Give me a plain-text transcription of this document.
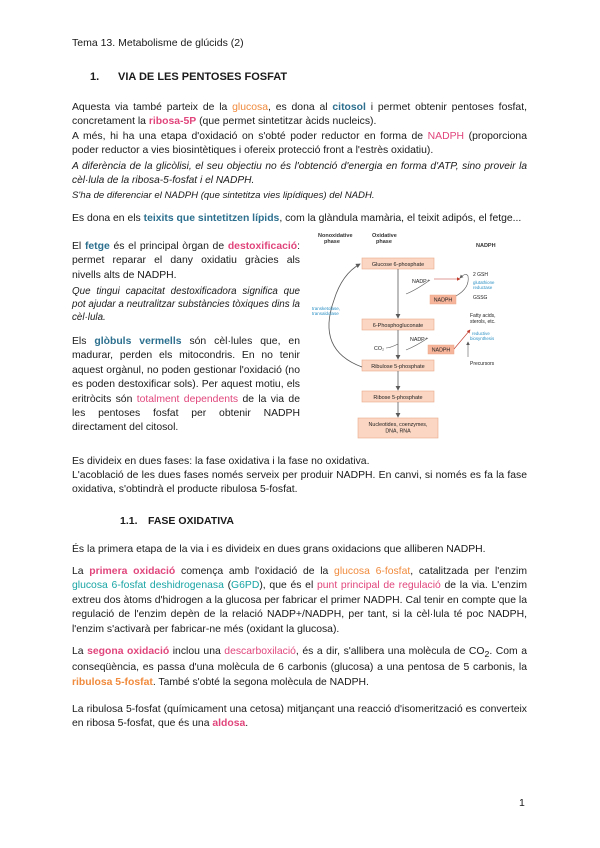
Tema 13. Metabolisme de glúcids (2)
1. VIA DE LES PENTOSES FOSFAT
Aquesta via també parteix de la glucosa, es dona al citosol i permet obtenir pentoses fosfat, concretament la ribosa-5P (que permet sintetitzar àcids nucleics).
A més, hi ha una etapa d'oxidació on s'obté poder reductor en forma de NADPH (proporciona poder reductor a vies biosintètiques i ofereix protecció front a l'estrès oxidatiu).
A diferència de la glicòlisi, el seu objectiu no és l'obtenció d'energia en forma d'ATP, sino proveir la cèl·lula de la ribosa-5-fosfat i el NADPH.
S'ha de diferenciar el NADPH (que sintetitza vies lipídiques) del NADH.
Es dona en els teixits que sintetitzen lípids, com la glàndula mamària, el teixit adipós, el fetge...
El fetge és el principal òrgan de destoxificació: permet reparar el dany oxidatiu gràcies als nivells alts de NADPH.
Que tingui capacitat destoxificadora significa que pot ajudar a neutralitzar substàncies tòxiques dins la cèl·lula.
Els glòbuls vermells són cèl·lules que, en madurar, perden els mitocondris. En no tenir aquest orgànul, no poden gestionar l'oxidació (no es poden destoxificar sols). Per aquest motiu, els eritròcits són totalment dependents de la via de les pentoses fosfat per obtenir NADPH directament del citosol.
Es divideix en dues fases: la fase oxidativa i la fase no oxidativa.
L'acoblació de les dues fases només serveix per produir NADPH. En canvi, si només es fa la fase oxidativa, s'obtindrà el producte ribulosa 5-fosfat.
1.1. FASE OXIDATIVA
És la primera etapa de la via i es divideix en dues grans oxidacions que alliberen NADPH.
La primera oxidació comença amb l'oxidació de la glucosa 6-fosfat, catalitzada per l'enzim glucosa 6-fosfat deshidrogenasa (G6PD), que és el punt principal de regulació de la via. L'enzim extreu dos àtoms d'hidrogen a la glucosa per fabricar el primer NADPH. Cal tenir en compte que la regulació de l'enzim depèn de la relació NADP+/NADPH, per tant, si la cèl·lula té poc NADPH, l'enzim s'activarà per fabricar-ne més (oxidant la glucosa).
La segona oxidació inclou una descarboxilació, és a dir, s'allibera una molècula de $CO_2$. Com a conseqüència, es passa d'una molècula de 6 carbonis (glucosa) a una pentosa de 5 carbonis, la ribulosa 5-fosfat. També s'obté la segona molècula de NADPH.
La ribulosa 5-fosfat (químicament una cetosa) mitjançant una reacció d'isomerització es converteix en ribosa 5-fosfat, que és una aldosa.
1
Nonoxidative phase
Oxidative phase
NADPH
Glucose 6-phosphate
6-Phosphogluconate
Ribulose 5-phosphate
Ribose 5-phosphate
Nucleotides, coenzymes, DNA, RNA
NADP⁺
NADPH
2 GSH
glutathione reductase
GSSG
transketolase, transaldolase
NADP⁺
NADPH
CO₂
Fatty acids, sterols, etc.
reductive biosynthesis
Precursors
